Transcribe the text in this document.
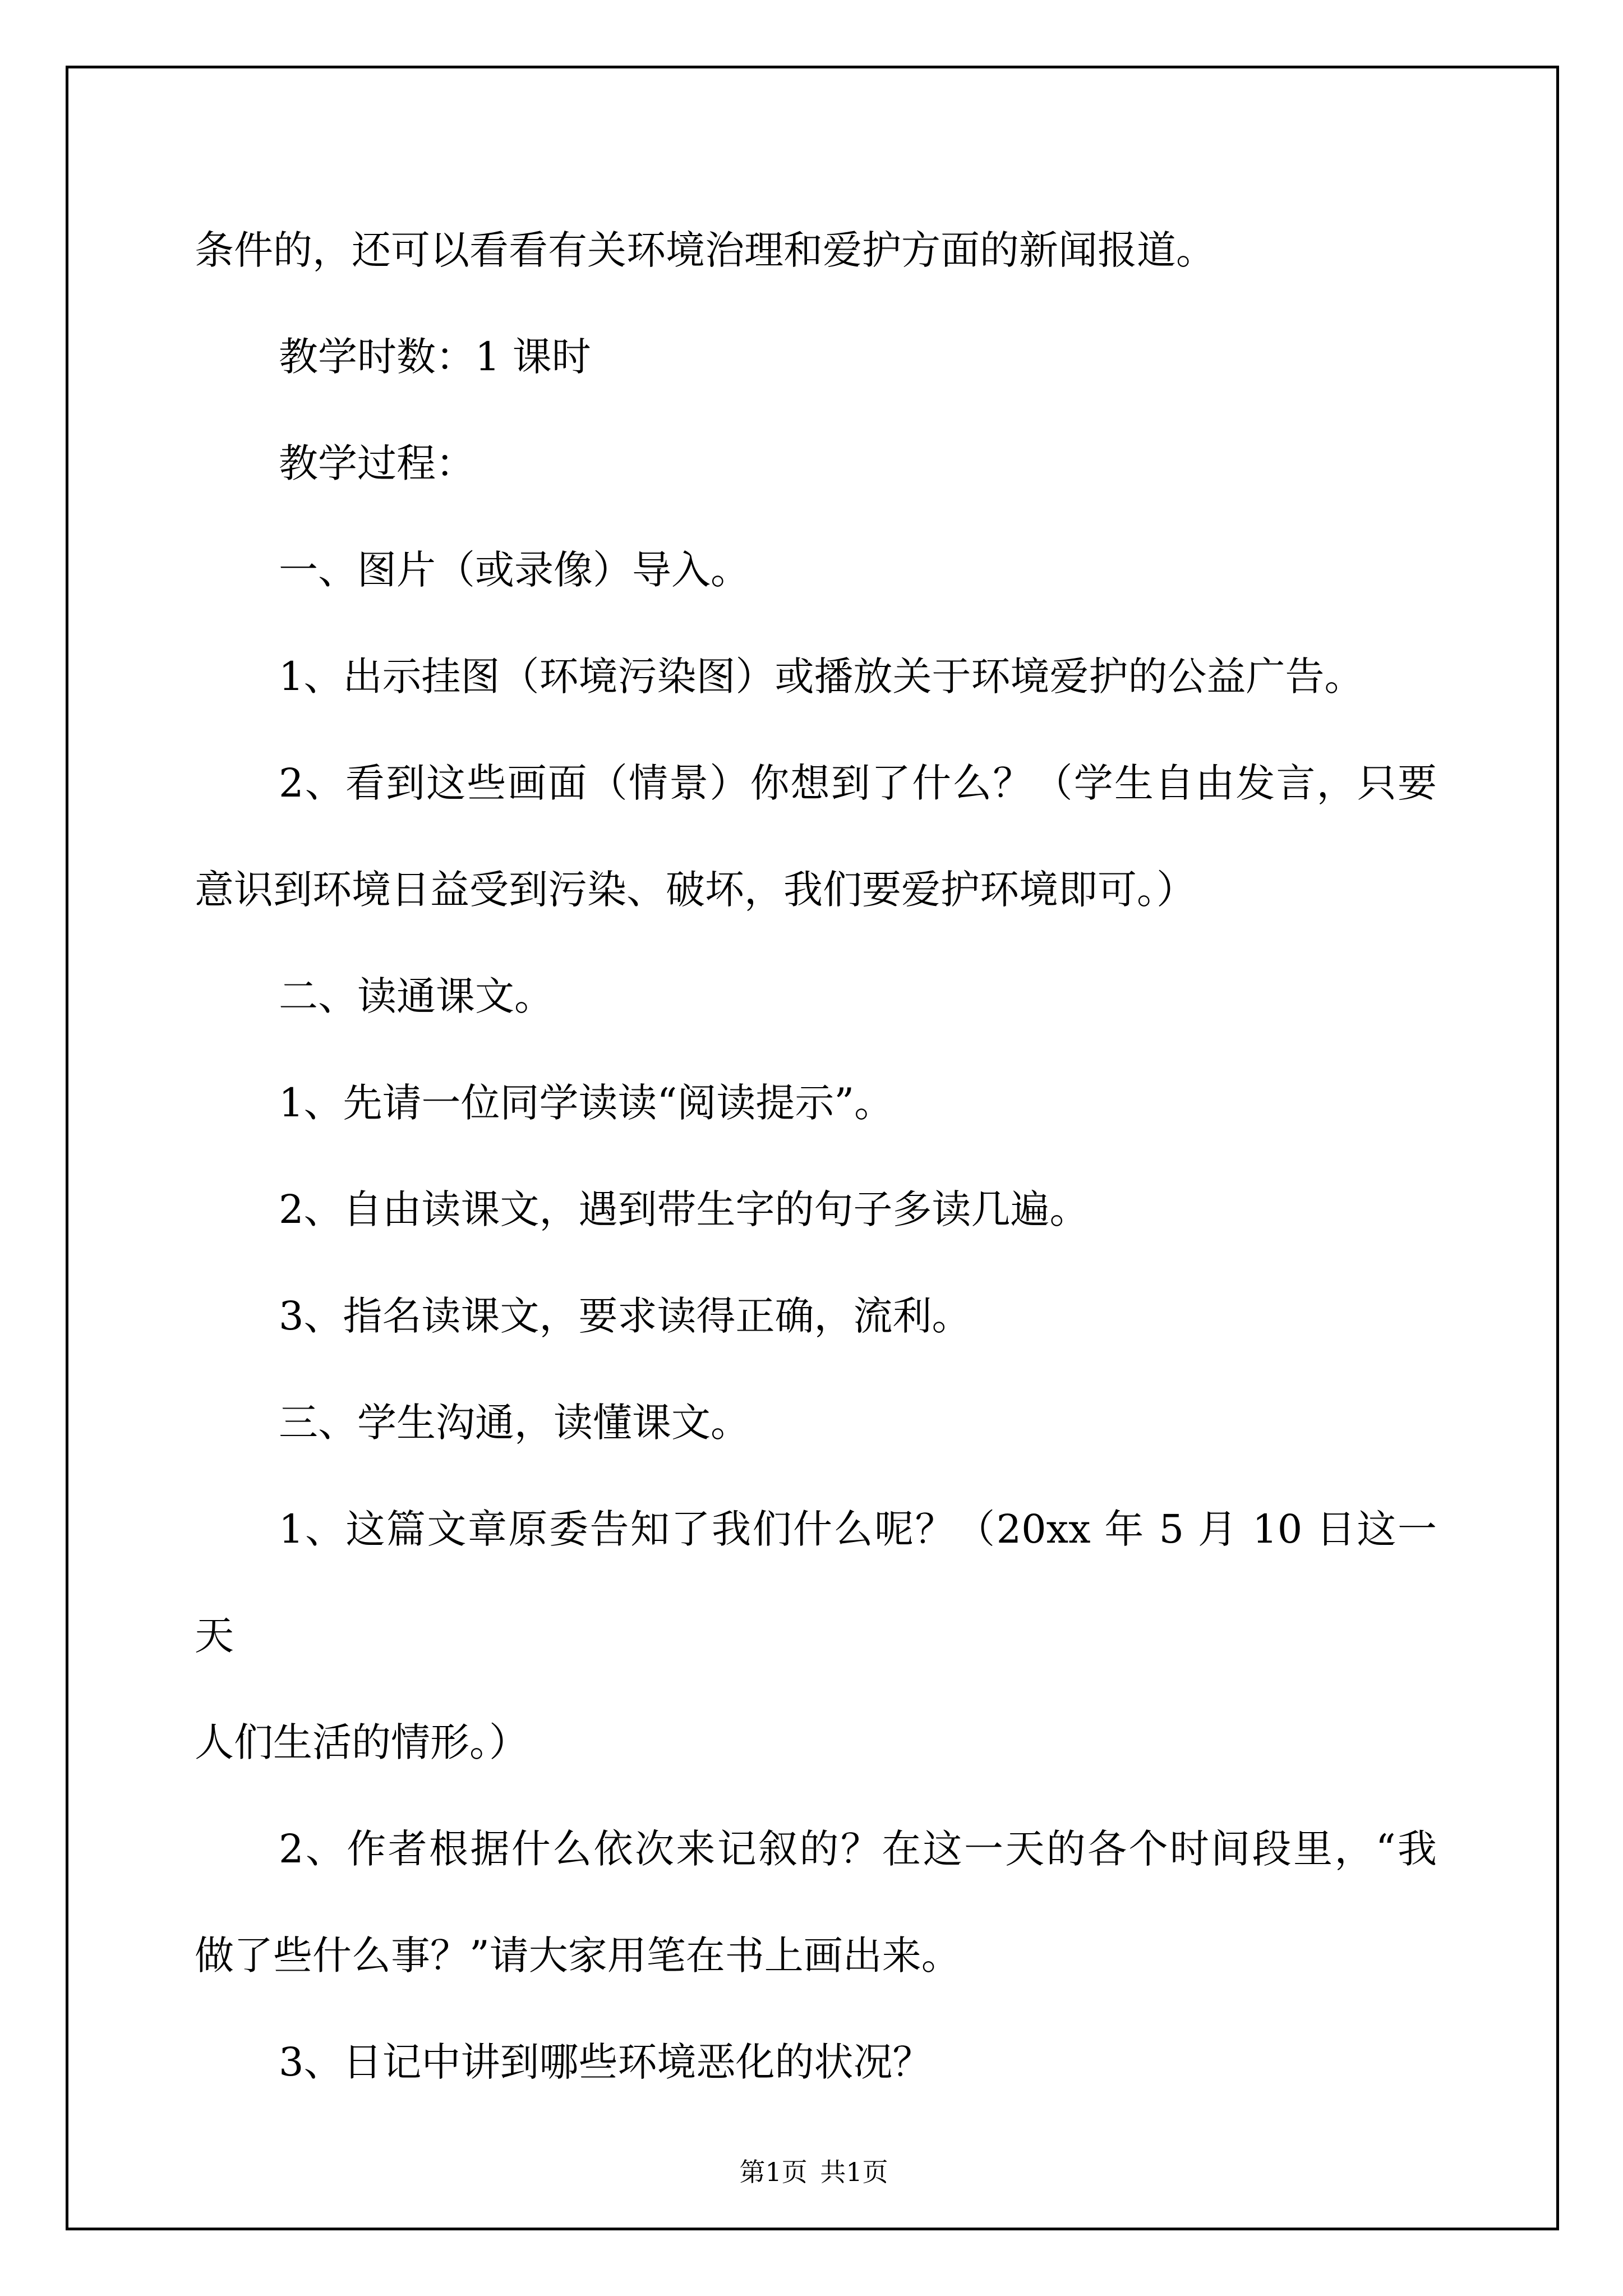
条件的，还可以看看有关环境治理和爱护方面的新闻报道。

教学时数：1 课时

教学过程：

一、图片（或录像）导入。

1、出示挂图（环境污染图）或播放关于环境爱护的公益广告。

2、看到这些画面（情景）你想到了什么？（学生自由发言，只要

意识到环境日益受到污染、破坏，我们要爱护环境即可。）

二、读通课文。

1、先请一位同学读读“阅读提示”。

2、自由读课文，遇到带生字的句子多读几遍。

3、指名读课文，要求读得正确，流利。

三、学生沟通，读懂课文。

1、这篇文章原委告知了我们什么呢？（20xx 年 5 月 10 日这一天

人们生活的情形。）

2、作者根据什么依次来记叙的？在这一天的各个时间段里，“我

做了些什么事？”请大家用笔在书上画出来。

3、日记中讲到哪些环境恶化的状况？

第1页 共1页
